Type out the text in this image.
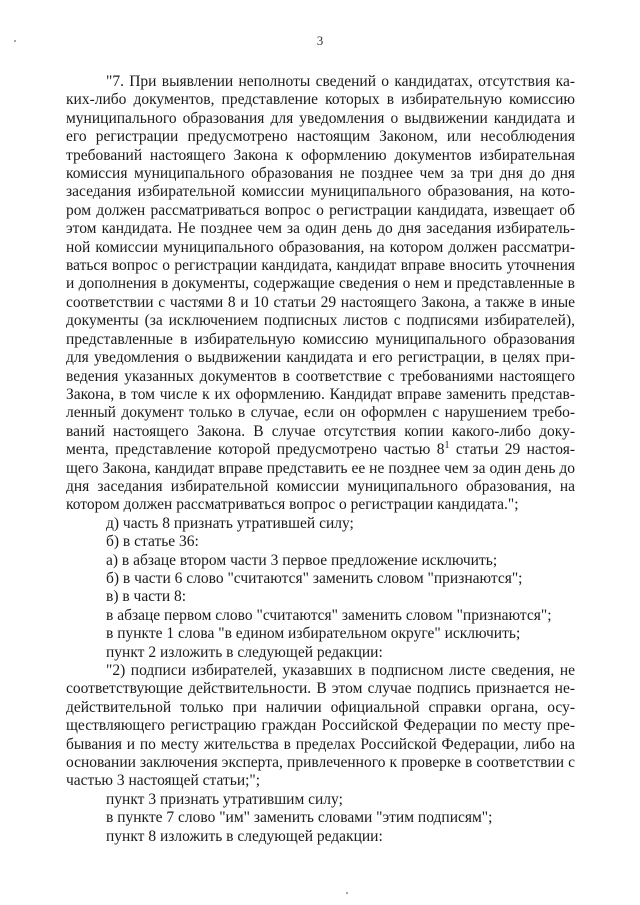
3

"7. При выявлении неполноты сведений о кандидатах, отсутствия ка-ких-либо документов, представление которых в избирательную комиссию муниципального образования для уведомления о выдвижении кандидата и его регистрации предусмотрено настоящим Законом, или несоблюдения требований настоящего Закона к оформлению документов избирательная комиссия муниципального образования не позднее чем за три дня до дня заседания избирательной комиссии муниципального образования, на кото-ром должен рассматриваться вопрос о регистрации кандидата, извещает об этом кандидата. Не позднее чем за один день до дня заседания избиратель-ной комиссии муниципального образования, на котором должен рассматри-ваться вопрос о регистрации кандидата, кандидат вправе вносить уточнения и дополнения в документы, содержащие сведения о нем и представленные в соответствии с частями 8 и 10 статьи 29 настоящего Закона, а также в иные документы (за исключением подписных листов с подписями избирателей), представленные в избирательную комиссию муниципального образования для уведомления о выдвижении кандидата и его регистрации, в целях при-ведения указанных документов в соответствие с требованиями настоящего Закона, в том числе к их оформлению. Кандидат вправе заменить представ-ленный документ только в случае, если он оформлен с нарушением требо-ваний настоящего Закона. В случае отсутствия копии какого-либо доку-мента, представление которой предусмотрено частью $8^1$ статьи 29 настоя-щего Закона, кандидат вправе представить ее не позднее чем за один день до дня заседания избирательной комиссии муниципального образования, на котором должен рассматриваться вопрос о регистрации кандидата.";

д) часть 8 признать утратившей силу;

б) в статье 36:

а) в абзаце втором части 3 первое предложение исключить;

б) в части 6 слово "считаются" заменить словом "признаются";

в) в части 8:

в абзаце первом слово "считаются" заменить словом "признаются";

в пункте 1 слова "в едином избирательном округе" исключить;

пункт 2 изложить в следующей редакции:

"2) подписи избирателей, указавших в подписном листе сведения, не соответствующие действительности. В этом случае подпись признается не-действительной только при наличии официальной справки органа, осу-ществляющего регистрацию граждан Российской Федерации по месту пре-бывания и по месту жительства в пределах Российской Федерации, либо на основании заключения эксперта, привлеченного к проверке в соответствии с частью 3 настоящей статьи;";

пункт 3 признать утратившим силу;

в пункте 7 слово "им" заменить словами "этим подписям";

пункт 8 изложить в следующей редакции:
